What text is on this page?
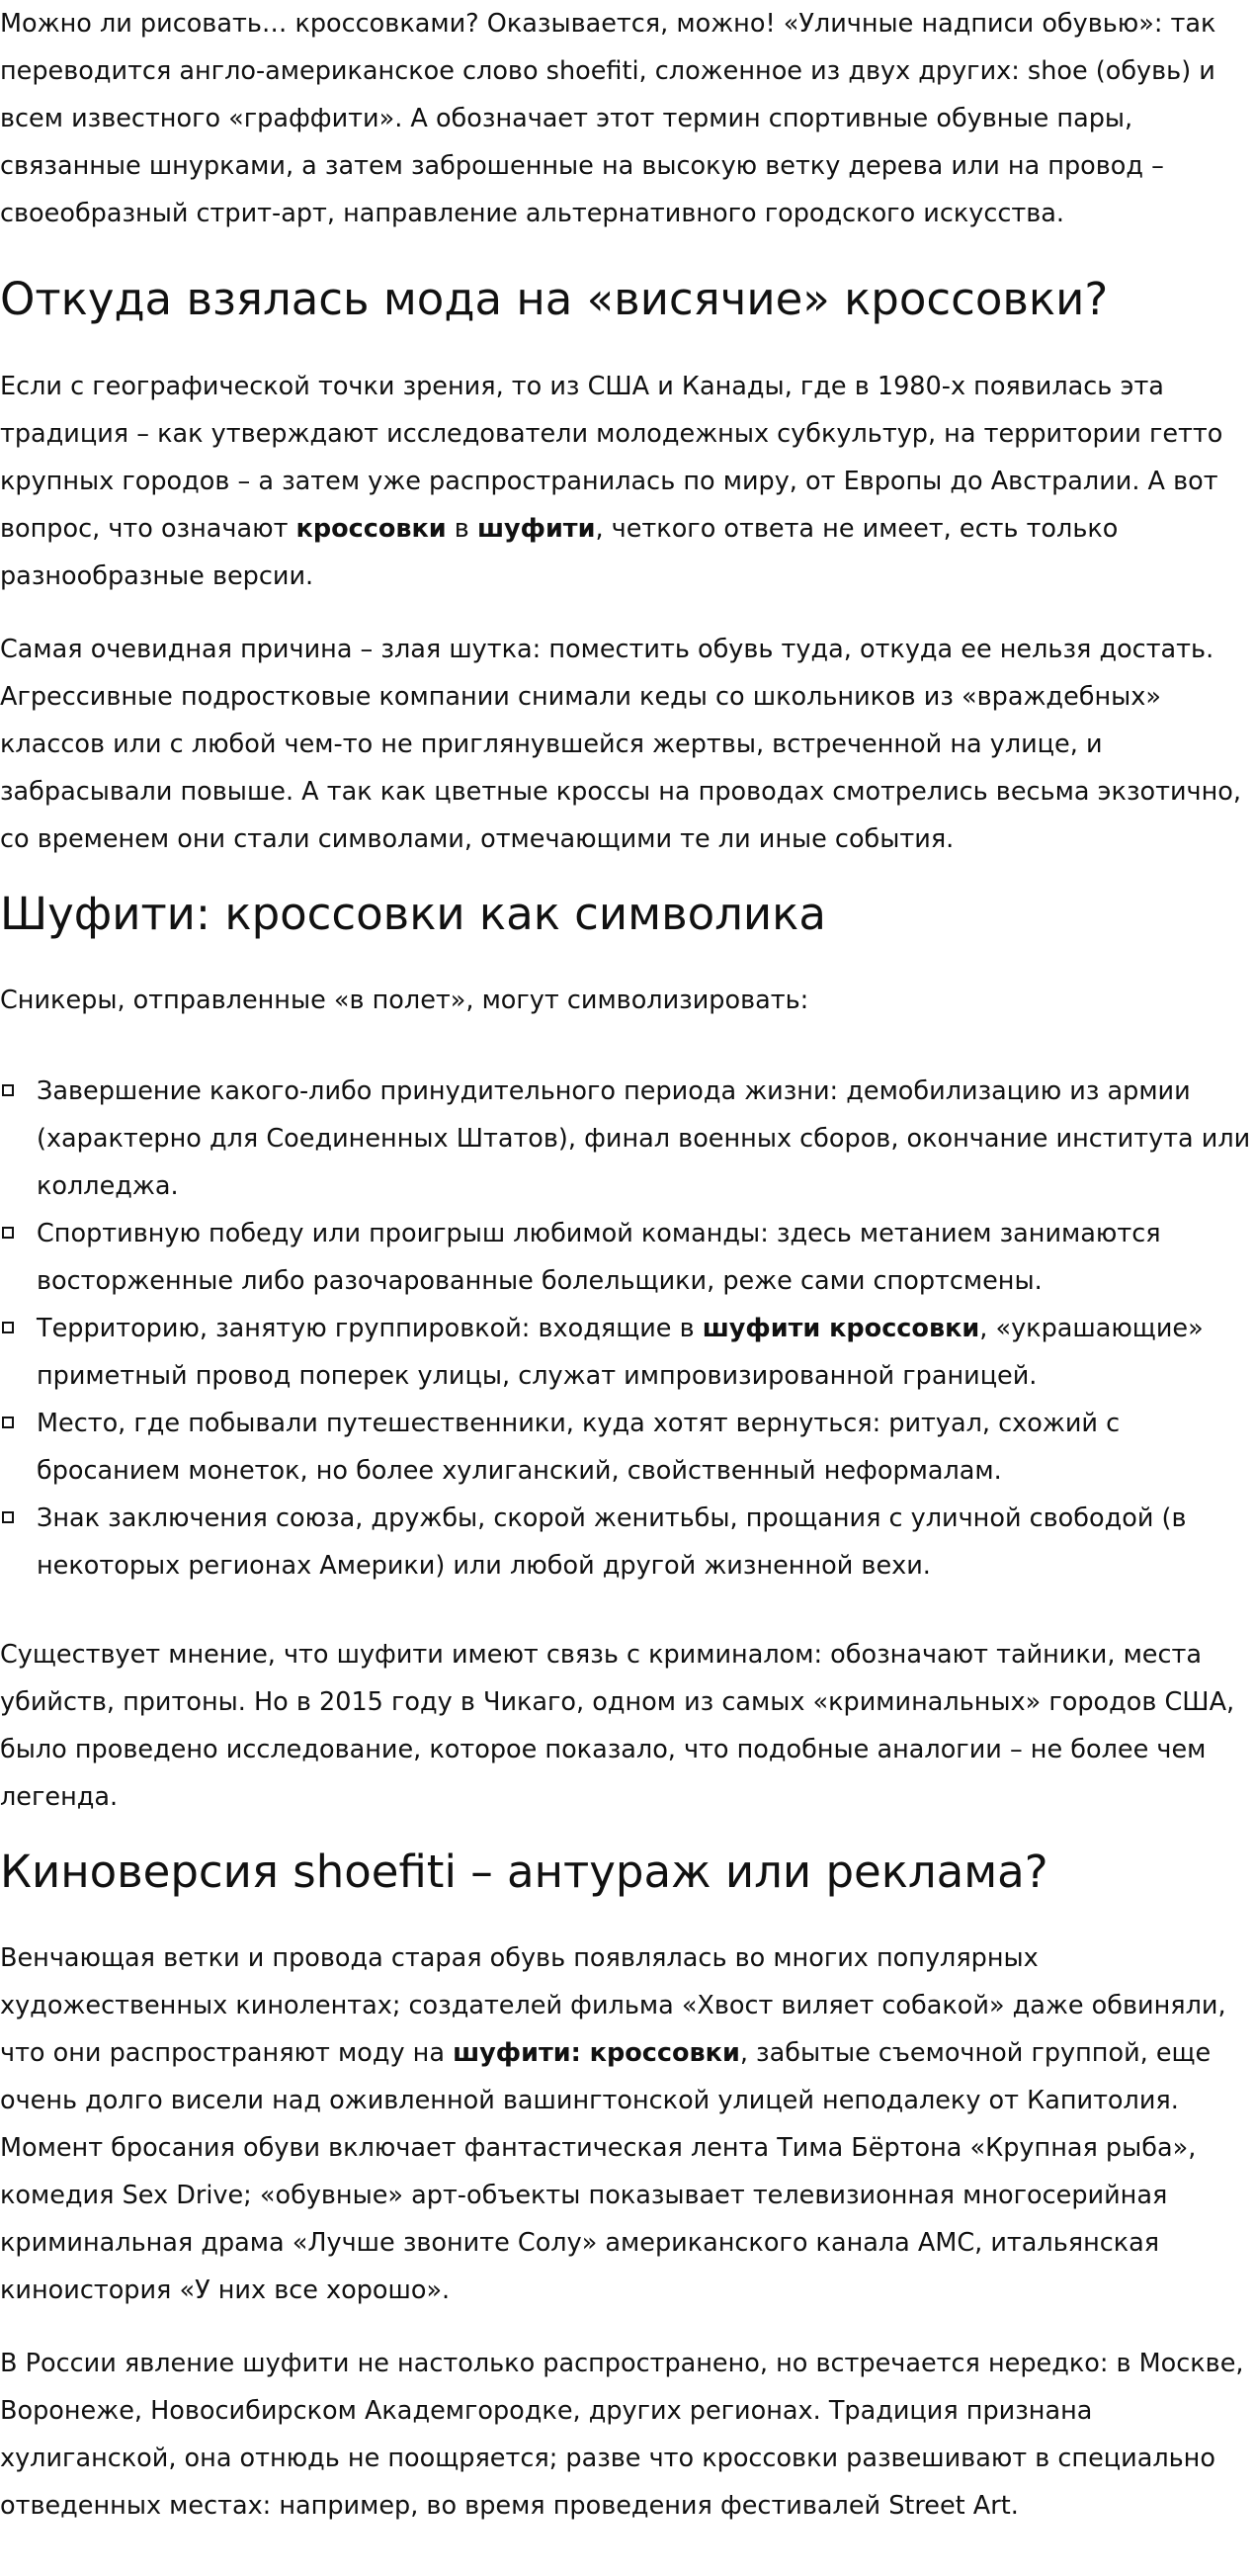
Можно ли рисовать… кроссовками? Оказывается, можно! «Уличные надписи обувью»: так переводится англо-американское слово shoefiti, сложенное из двух других: shoe (обувь) и всем известного «граффити». А обозначает этот термин спортивные обувные пары, связанные шнурками, а затем заброшенные на высокую ветку дерева или на провод – своеобразный стрит-арт, направление альтернативного городского искусства.

Откуда взялась мода на «висячие» кроссовки?

Если с географической точки зрения, то из США и Канады, где в 1980-х появилась эта традиция – как утверждают исследователи молодежных субкультур, на территории гетто крупных городов – а затем уже распространилась по миру, от Европы до Австралии. А вот вопрос, что означают кроссовки в шуфити, четкого ответа не имеет, есть только разнообразные версии.

Самая очевидная причина – злая шутка: поместить обувь туда, откуда ее нельзя достать. Агрессивные подростковые компании снимали кеды со школьников из «враждебных» классов или с любой чем-то не приглянувшейся жертвы, встреченной на улице, и забрасывали повыше. А так как цветные кроссы на проводах смотрелись весьма экзотично, со временем они стали символами, отмечающими те ли иные события.

Шуфити: кроссовки как символика

Сникеры, отправленные «в полет», могут символизировать:

Завершение какого-либо принудительного периода жизни: демобилизацию из армии (характерно для Соединенных Штатов), финал военных сборов, окончание института или колледжа.
Спортивную победу или проигрыш любимой команды: здесь метанием занимаются восторженные либо разочарованные болельщики, реже сами спортсмены.
Территорию, занятую группировкой: входящие в шуфити кроссовки, «украшающие» приметный провод поперек улицы, служат импровизированной границей.
Место, где побывали путешественники, куда хотят вернуться: ритуал, схожий с бросанием монеток, но более хулиганский, свойственный неформалам.
Знак заключения союза, дружбы, скорой женитьбы, прощания с уличной свободой (в некоторых регионах Америки) или любой другой жизненной вехи.

Существует мнение, что шуфити имеют связь с криминалом: обозначают тайники, места убийств, притоны. Но в 2015 году в Чикаго, одном из самых «криминальных» городов США, было проведено исследование, которое показало, что подобные аналогии – не более чем легенда.

Киноверсия shoefiti – антураж или реклама?

Венчающая ветки и провода старая обувь появлялась во многих популярных художественных кинолентах; создателей фильма «Хвост виляет собакой» даже обвиняли, что они распространяют моду на шуфити: кроссовки, забытые съемочной группой, еще очень долго висели над оживленной вашингтонской улицей неподалеку от Капитолия. Момент бросания обуви включает фантастическая лента Тима Бёртона «Крупная рыба», комедия Sex Drive; «обувные» арт-объекты показывает телевизионная многосерийная криминальная драма «Лучше звоните Солу» американского канала AMC, итальянская киноистория «У них все хорошо».

В России явление шуфити не настолько распространено, но встречается нередко: в Москве, Воронеже, Новосибирском Академгородке, других регионах. Традиция признана хулиганской, она отнюдь не поощряется; разве что кроссовки развешивают в специально отведенных местах: например, во время проведения фестивалей Street Art.
